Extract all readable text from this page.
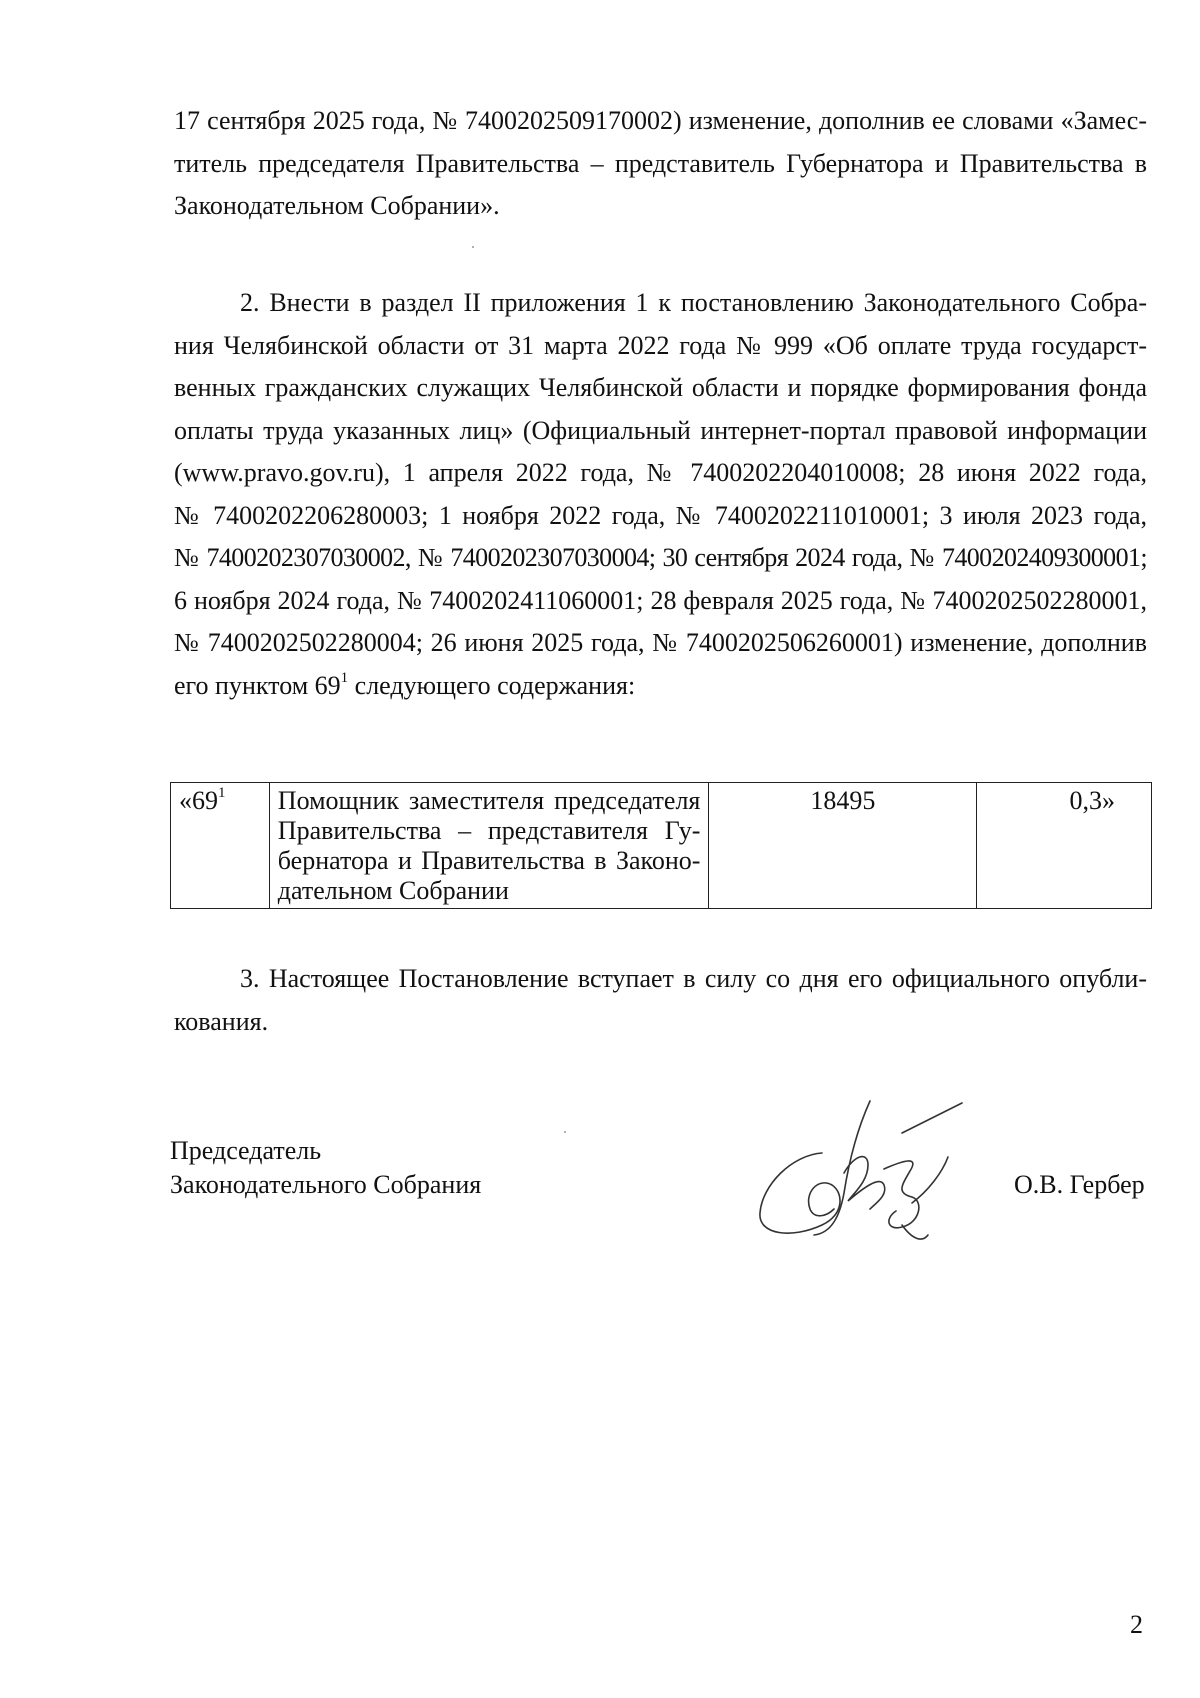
17 сентября 2025 года, № 7400202509170002) изменение, дополнив ее словами «Замес-
титель председателя Правительства – представитель Губернатора и Правительства в
Законодательном Собрании».
2. Внести в раздел II приложения 1 к постановлению Законодательного Собра-
ния Челябинской области от 31 марта 2022 года № 999 «Об оплате труда государст-
венных гражданских служащих Челябинской области и порядке формирования фонда
оплаты труда указанных лиц» (Официальный интернет-портал правовой информации
(www.pravo.gov.ru), 1 апреля 2022 года, № 7400202204010008; 28 июня 2022 года,
№ 7400202206280003; 1 ноября 2022 года, № 7400202211010001; 3 июля 2023 года,
№ 7400202307030002, № 7400202307030004; 30 сентября 2024 года, № 7400202409300001;
6 ноября 2024 года, № 7400202411060001; 28 февраля 2025 года, № 7400202502280001,
№ 7400202502280004; 26 июня 2025 года, № 7400202506260001) изменение, дополнив
его пунктом $69^1$ следующего содержания:
«$69^1$	Помощник заместителя председателя
Правительства – представителя Гу-
бернатора и Правительства в Законо-
дательном Собрании
	18495	0,3»
3. Настоящее Постановление вступает в силу со дня его официального опубли-
кования.
Председатель
Законодательного Собрания	О.В. Гербер
2
